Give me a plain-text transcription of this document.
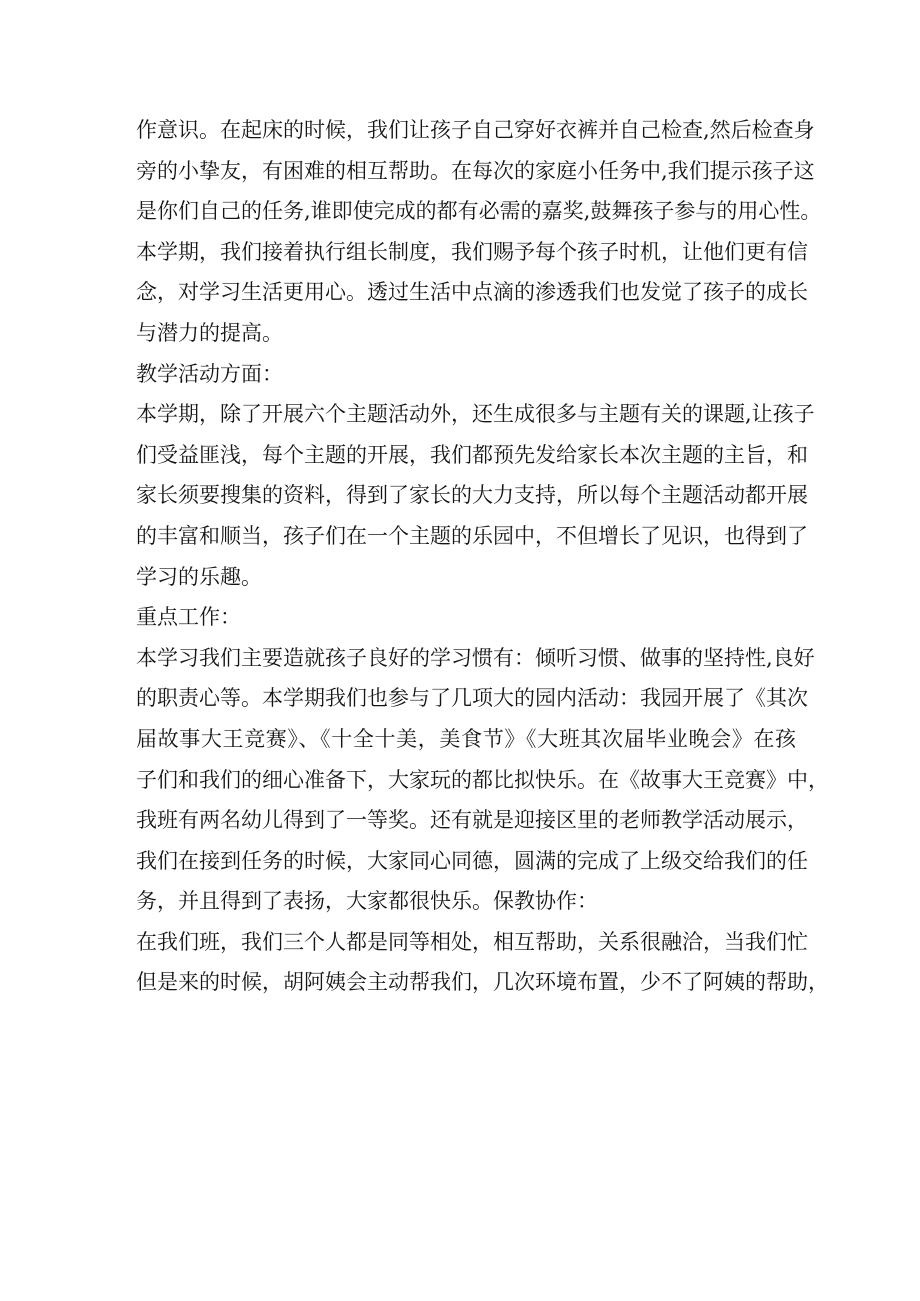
作意识。在起床的时候，我们让孩子自己穿好衣裤并自己检查,然后检查身
旁的小挚友，有困难的相互帮助。在每次的家庭小任务中,我们提示孩子这
是你们自己的任务,谁即使完成的都有必需的嘉奖,鼓舞孩子参与的用心性。
本学期，我们接着执行组长制度，我们赐予每个孩子时机，让他们更有信
念，对学习生活更用心。透过生活中点滴的渗透我们也发觉了孩子的成长
与潜力的提高。
教学活动方面：
本学期，除了开展六个主题活动外，还生成很多与主题有关的课题,让孩子
们受益匪浅，每个主题的开展，我们都预先发给家长本次主题的主旨，和
家长须要搜集的资料，得到了家长的大力支持，所以每个主题活动都开展
的丰富和顺当，孩子们在一个主题的乐园中，不但增长了见识，也得到了
学习的乐趣。
重点工作：
本学习我们主要造就孩子良好的学习惯有：倾听习惯、做事的坚持性,良好
的职责心等。本学期我们也参与了几项大的园内活动：我园开展了《其次
届故事大王竞赛》、《十全十美，美食节》《大班其次届毕业晚会》在孩
子们和我们的细心准备下，大家玩的都比拟快乐。在《故事大王竞赛》中，
我班有两名幼儿得到了一等奖。还有就是迎接区里的老师教学活动展示，
我们在接到任务的时候，大家同心同德，圆满的完成了上级交给我们的任
务，并且得到了表扬，大家都很快乐。保教协作：
在我们班，我们三个人都是同等相处，相互帮助，关系很融洽，当我们忙
但是来的时候，胡阿姨会主动帮我们，几次环境布置，少不了阿姨的帮助，
